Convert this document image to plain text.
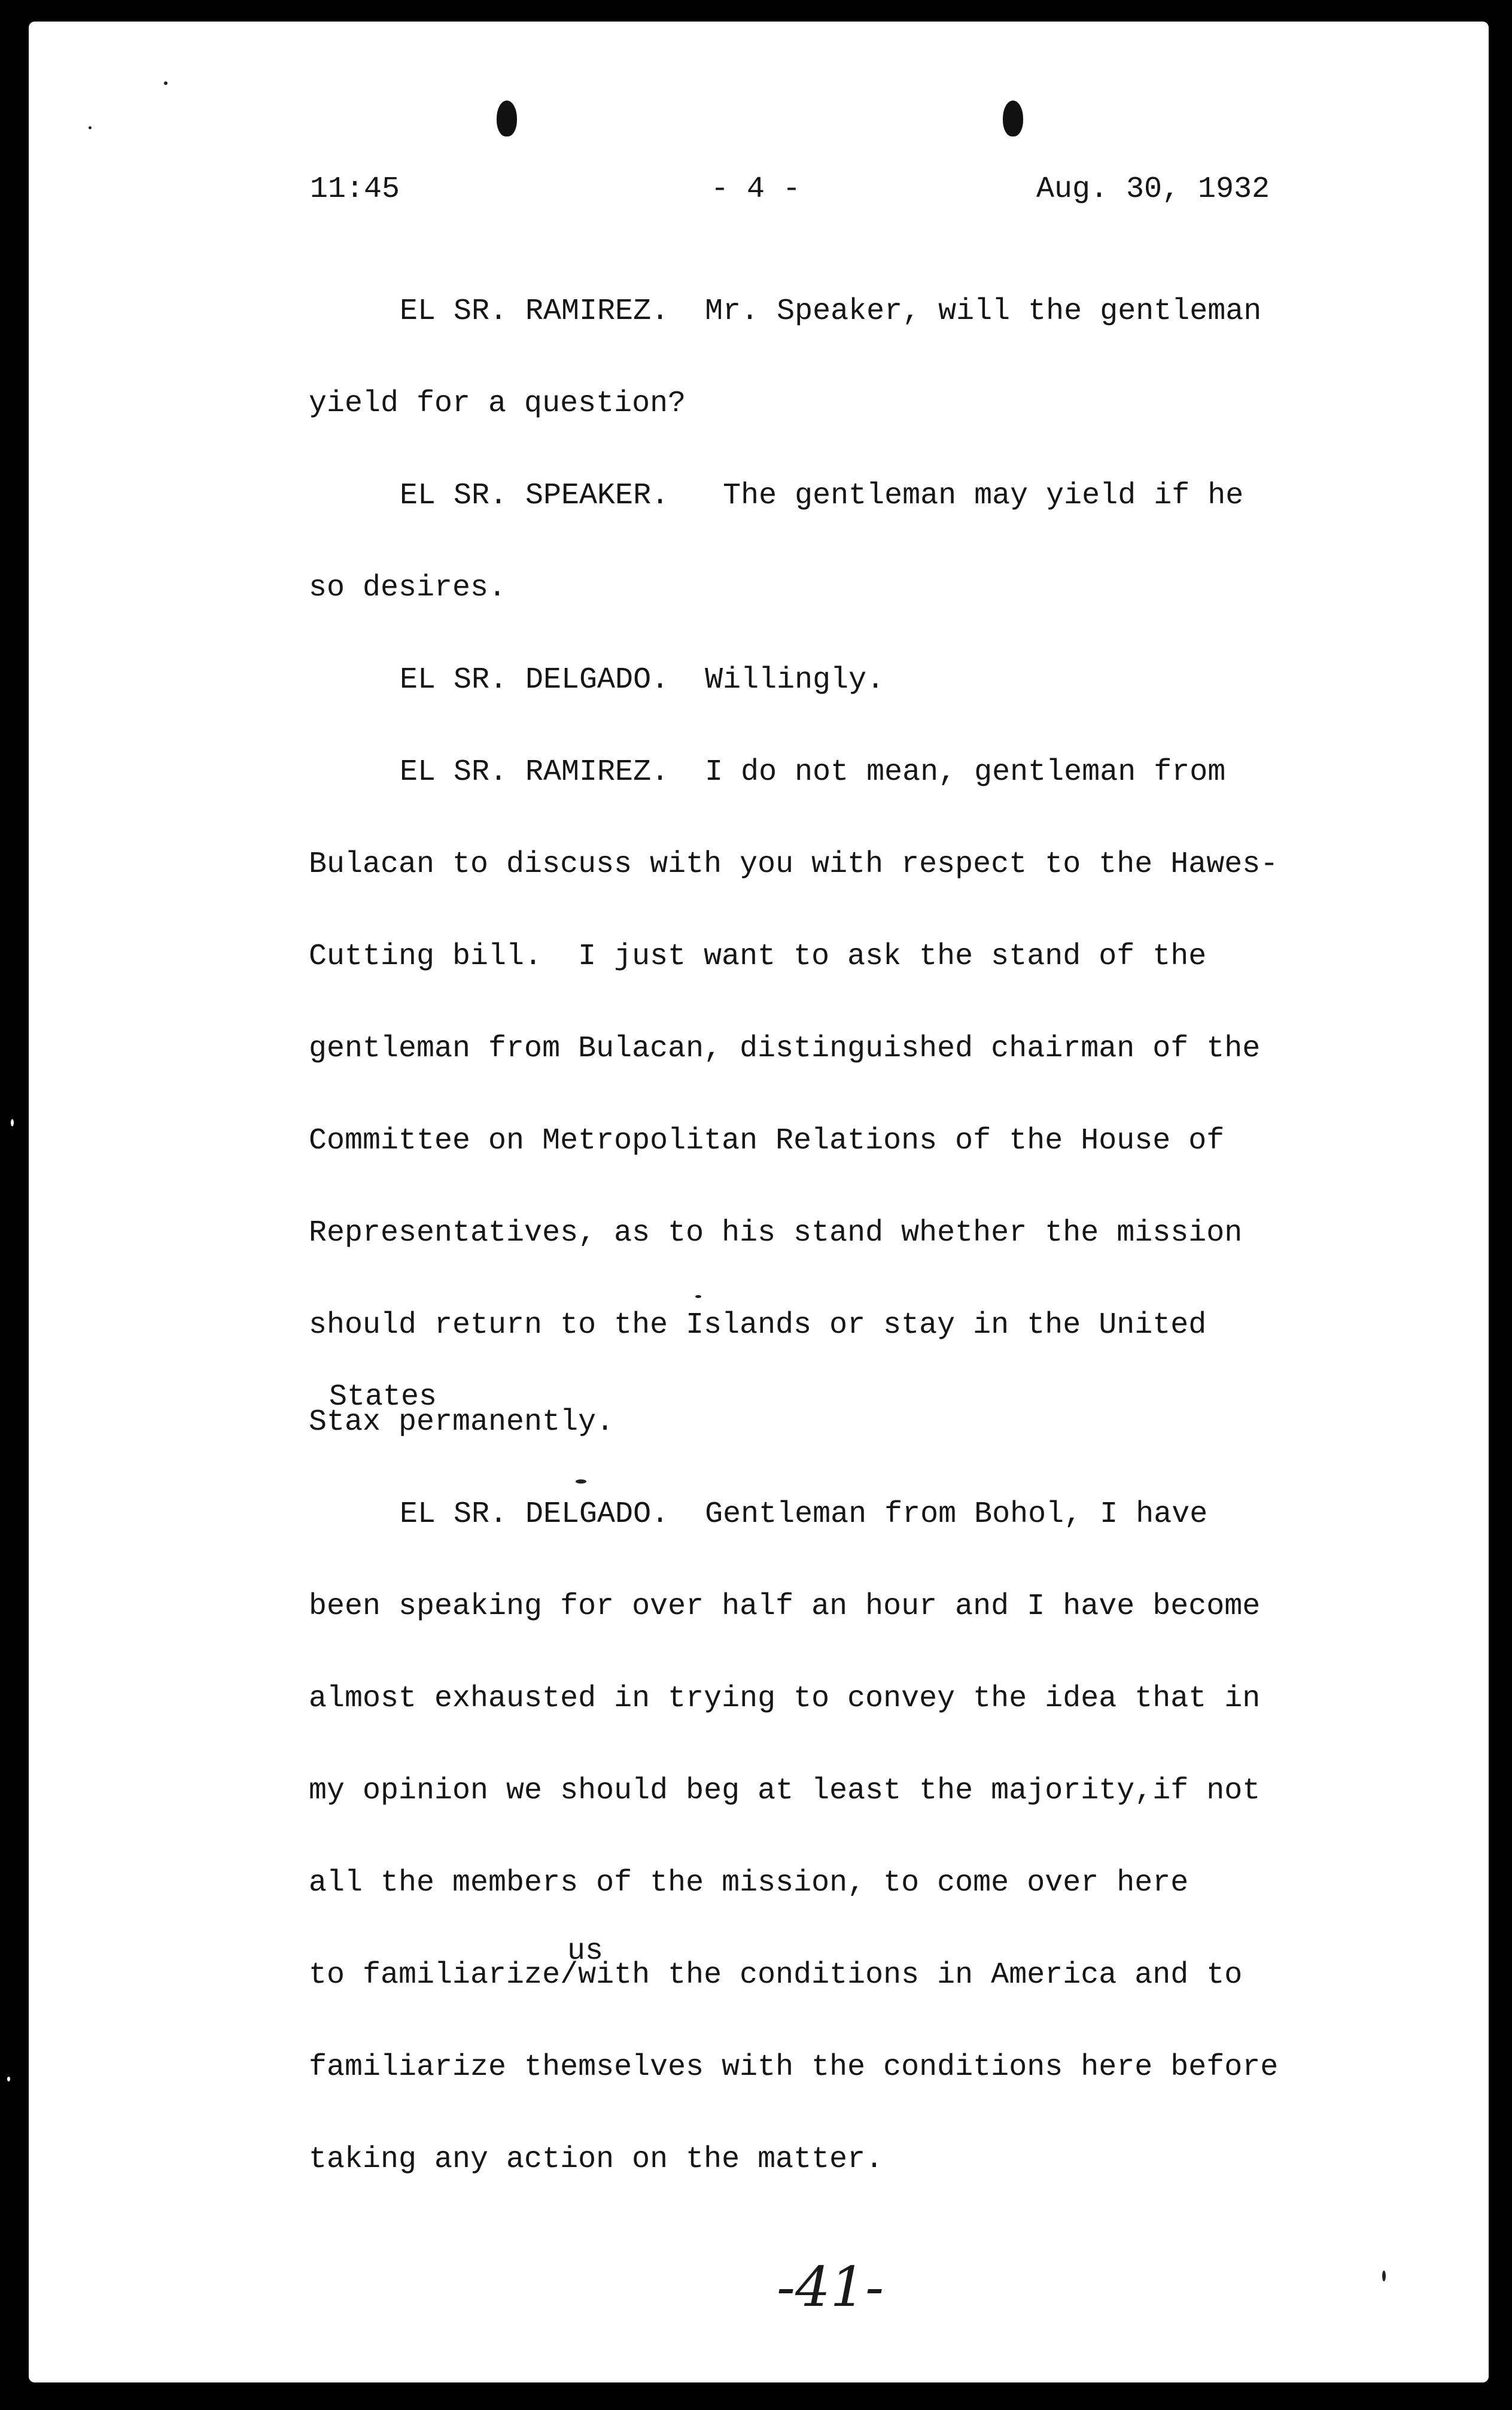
11:45	- 4 -	Aug. 30, 1932
EL SR. RAMIREZ.  Mr. Speaker, will the gentleman
yield for a question?
EL SR. SPEAKER.   The gentleman may yield if he
so desires.
EL SR. DELGADO.  Willingly.
EL SR. RAMIREZ.  I do not mean, gentleman from
Bulacan to discuss with you with respect to the Hawes-
Cutting bill.  I just want to ask the stand of the
gentleman from Bulacan, distinguished chairman of the
Committee on Metropolitan Relations of the House of
Representatives, as to his stand whether the mission
should return to the Islands or stay in the United
States
Stax permanently.
EL SR. DELGADO.  Gentleman from Bohol, I have
been speaking for over half an hour and I have become
almost exhausted in trying to convey the idea that in
my opinion we should beg at least the majority,if not
all the members of the mission, to come over here
us
to familiarize/with the conditions in America and to
familiarize themselves with the conditions here before
taking any action on the matter.
-41-
